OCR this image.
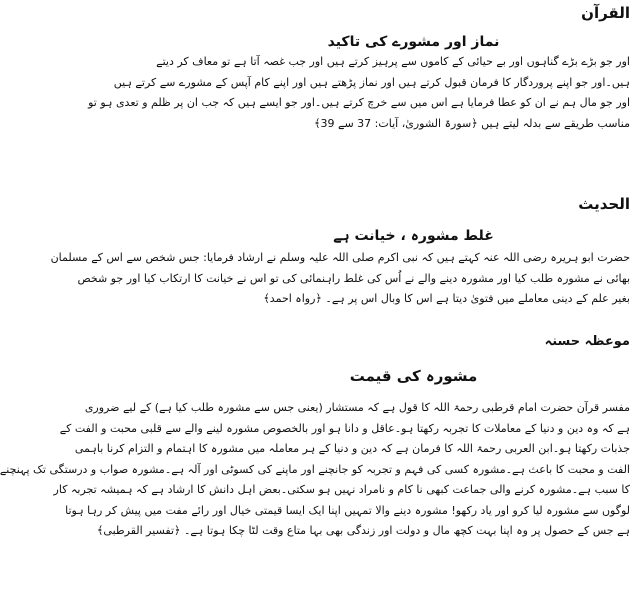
القرآن
نماز اور مشورے کی تاکید
اور جو بڑے بڑے گناہوں اور بے حیائی کے کاموں سے پرہیز کرتے ہیں اور جب غصہ آتا ہے تو معاف کر دیتے
ہیں۔اور جو اپنے پروردگار کا فرمان قبول کرتے ہیں اور نماز پڑھتے ہیں اور اپنے کام آپس کے مشورے سے کرتے ہیں
اور جو مال ہم نے ان کو عطا فرمایا ہے اس میں سے خرچ کرتے ہیں۔اور جو ایسے ہیں کہ جب ان پر ظلم و تعدی ہو تو
مناسب طریقے سے بدلہ لیتے ہیں ﴿سورۃ الشوریٰ، آیات: 37 سے 39﴾
الحدیث
غلط مشورہ ، خیانت ہے
حضرت ابو ہریرہ رضی اللہ عنہ کہتے ہیں کہ نبی اکرم صلی اللہ علیہ وسلم نے ارشاد فرمایا: جس شخص سے اس کے مسلمان
بھائی نے مشورہ طلب کیا اور مشورہ دینے والے نے اُس کی غلط راہنمائی کی تو اس نے خیانت کا ارتکاب کیا اور جو شخص
بغیر علم کے دینی معاملے میں فتویٰ دیتا ہے اس کا وبال اس پر ہے۔ ﴿رواہ احمد﴾
موعظہ حسنہ
مشورہ کی قیمت
مفسر قرآن حضرت امام قرطبی رحمۃ اللہ کا قول ہے کہ مستشار (یعنی جس سے مشورہ طلب کیا ہے) کے لیے ضروری
ہے کہ وہ دین و دنیا کے معاملات کا تجربہ رکھتا ہو۔عاقل و دانا ہو اور بالخصوص مشورہ لینے والے سے قلبی محبت و الفت کے
جذبات رکھتا ہو۔ابن العربی رحمۃ اللہ کا فرمان ہے کہ دین و دنیا کے ہر معاملہ میں مشورہ کا اہتمام و التزام کرنا باہمی
الفت و محبت کا باعث ہے۔مشورہ کسی کی فہم و تجربہ کو جانچنے اور ماپنے کی کسوٹی اور آلہ ہے۔مشورہ صواب و درستگی تک پہنچنے
کا سبب ہے۔مشورہ کرنے والی جماعت کبھی نا کام و نامراد نہیں ہو سکتی۔بعض اہل دانش کا ارشاد ہے کہ ہمیشہ تجربہ کار
لوگوں سے مشورہ لیا کرو اور یاد رکھو! مشورہ دینے والا تمہیں اپنا ایک ایسا قیمتی خیال اور رائے مفت میں پیش کر رہا ہوتا
ہے جس کے حصول پر وہ اپنا بہت کچھ مال و دولت اور زندگی بھی بہا متاع وقت لٹا چکا ہوتا ہے۔ ﴿تفسیر القرطبی﴾
